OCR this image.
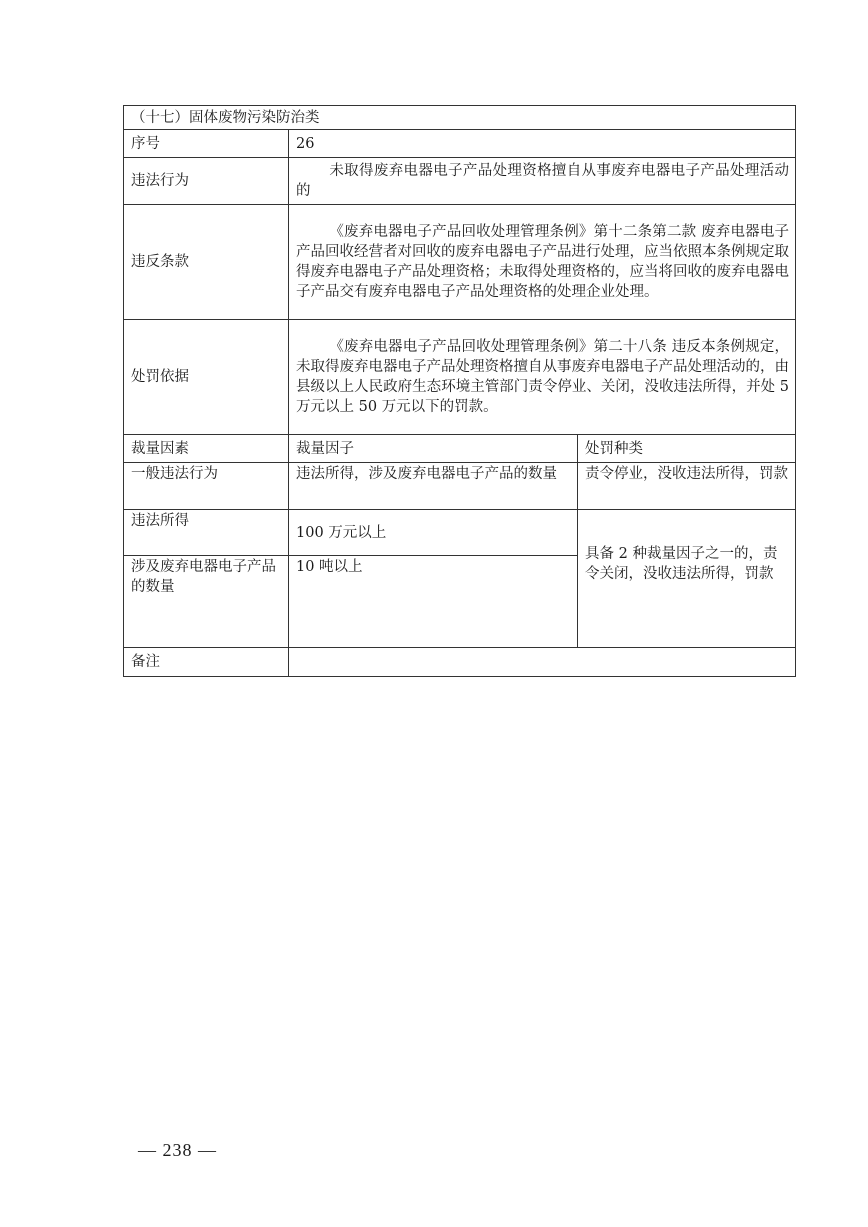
（十七）固体废物污染防治类		
序号	26	
违法行为	未取得废弃电器电子产品处理资格擅自从事废弃电器电子产品处理活动的	
违反条款	《废弃电器电子产品回收处理管理条例》第十二条第二款 废弃电器电子产品回收经营者对回收的废弃电器电子产品进行处理，应当依照本条例规定取得废弃电器电子产品处理资格；未取得处理资格的，应当将回收的废弃电器电子产品交有废弃电器电子产品处理资格的处理企业处理。	
处罚依据	《废弃电器电子产品回收处理管理条例》第二十八条 违反本条例规定，未取得废弃电器电子产品处理资格擅自从事废弃电器电子产品处理活动的，由县级以上人民政府生态环境主管部门责令停业、关闭，没收违法所得，并处 5 万元以上 50 万元以下的罚款。	
裁量因素	裁量因子	处罚种类
一般违法行为	违法所得，涉及废弃电器电子产品的数量	责令停业，没收违法所得，罚款
违法所得	100 万元以上	具备 2 种裁量因子之一的，责令关闭，没收违法所得，罚款
涉及废弃电器电子产品的数量	10 吨以上	
备注		
— 238 —
